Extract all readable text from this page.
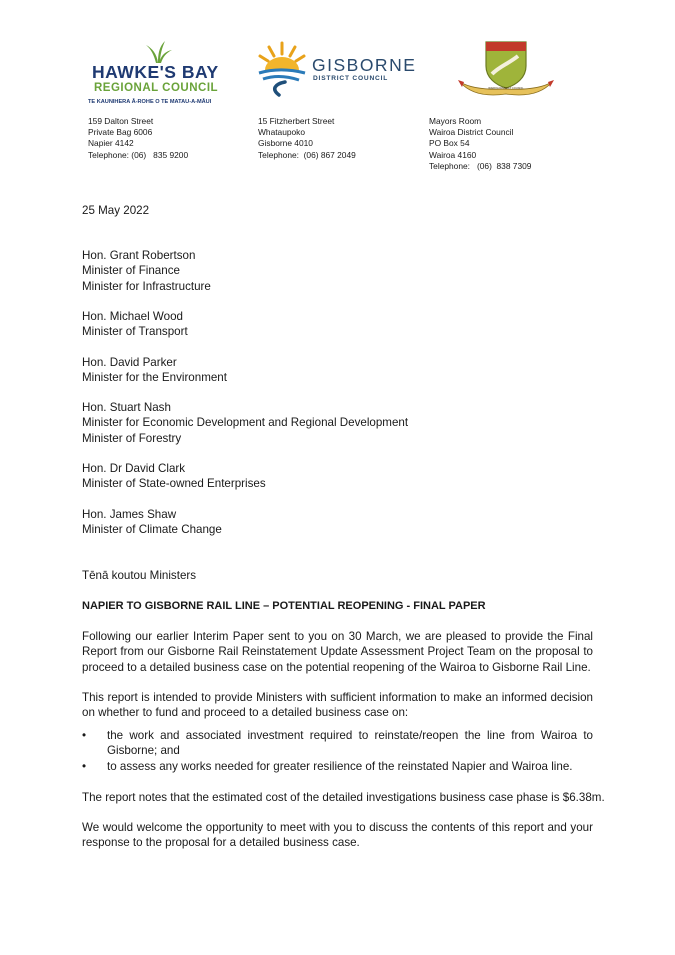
HAWKE'S BAY
REGIONAL COUNCIL
TE KAUNIHERA Ā-ROHE O TE MATAU-A-MĀUI
GISBORNE
DISTRICT COUNCIL
WAIROA DISTRICT COUNCIL
159 Dalton Street
Private Bag 6006
Napier 4142
Telephone: (06)   835 9200
15 Fitzherbert Street
Whataupoko
Gisborne 4010
Telephone:  (06) 867 2049
Mayors Room
Wairoa District Council
PO Box 54
Wairoa 4160
Telephone:   (06)  838 7309
25 May 2022
Hon. Grant Robertson
Minister of Finance
Minister for Infrastructure
Hon. Michael Wood
Minister of Transport
Hon. David Parker
Minister for the Environment
Hon. Stuart Nash
Minister for Economic Development and Regional Development
Minister of Forestry
Hon. Dr David Clark
Minister of State-owned Enterprises
Hon. James Shaw
Minister of Climate Change
Tēnā koutou Ministers
NAPIER TO GISBORNE RAIL LINE – POTENTIAL REOPENING - FINAL PAPER
Following our earlier Interim Paper sent to you on 30 March, we are pleased to provide the Final Report from our Gisborne Rail Reinstatement Update Assessment Project Team on the proposal to proceed to a detailed business case on the potential reopening of the Wairoa to Gisborne Rail Line.
This report is intended to provide Ministers with sufficient information to make an informed decision on whether to fund and proceed to a detailed business case on:
•	the work and associated investment required to reinstate/reopen the line from Wairoa to Gisborne; and
•	to assess any works needed for greater resilience of the reinstated Napier and Wairoa line.
The report notes that the estimated cost of the detailed investigations business case phase is $6.38m.
We would welcome the opportunity to meet with you to discuss the contents of this report and your response to the proposal for a detailed business case.
